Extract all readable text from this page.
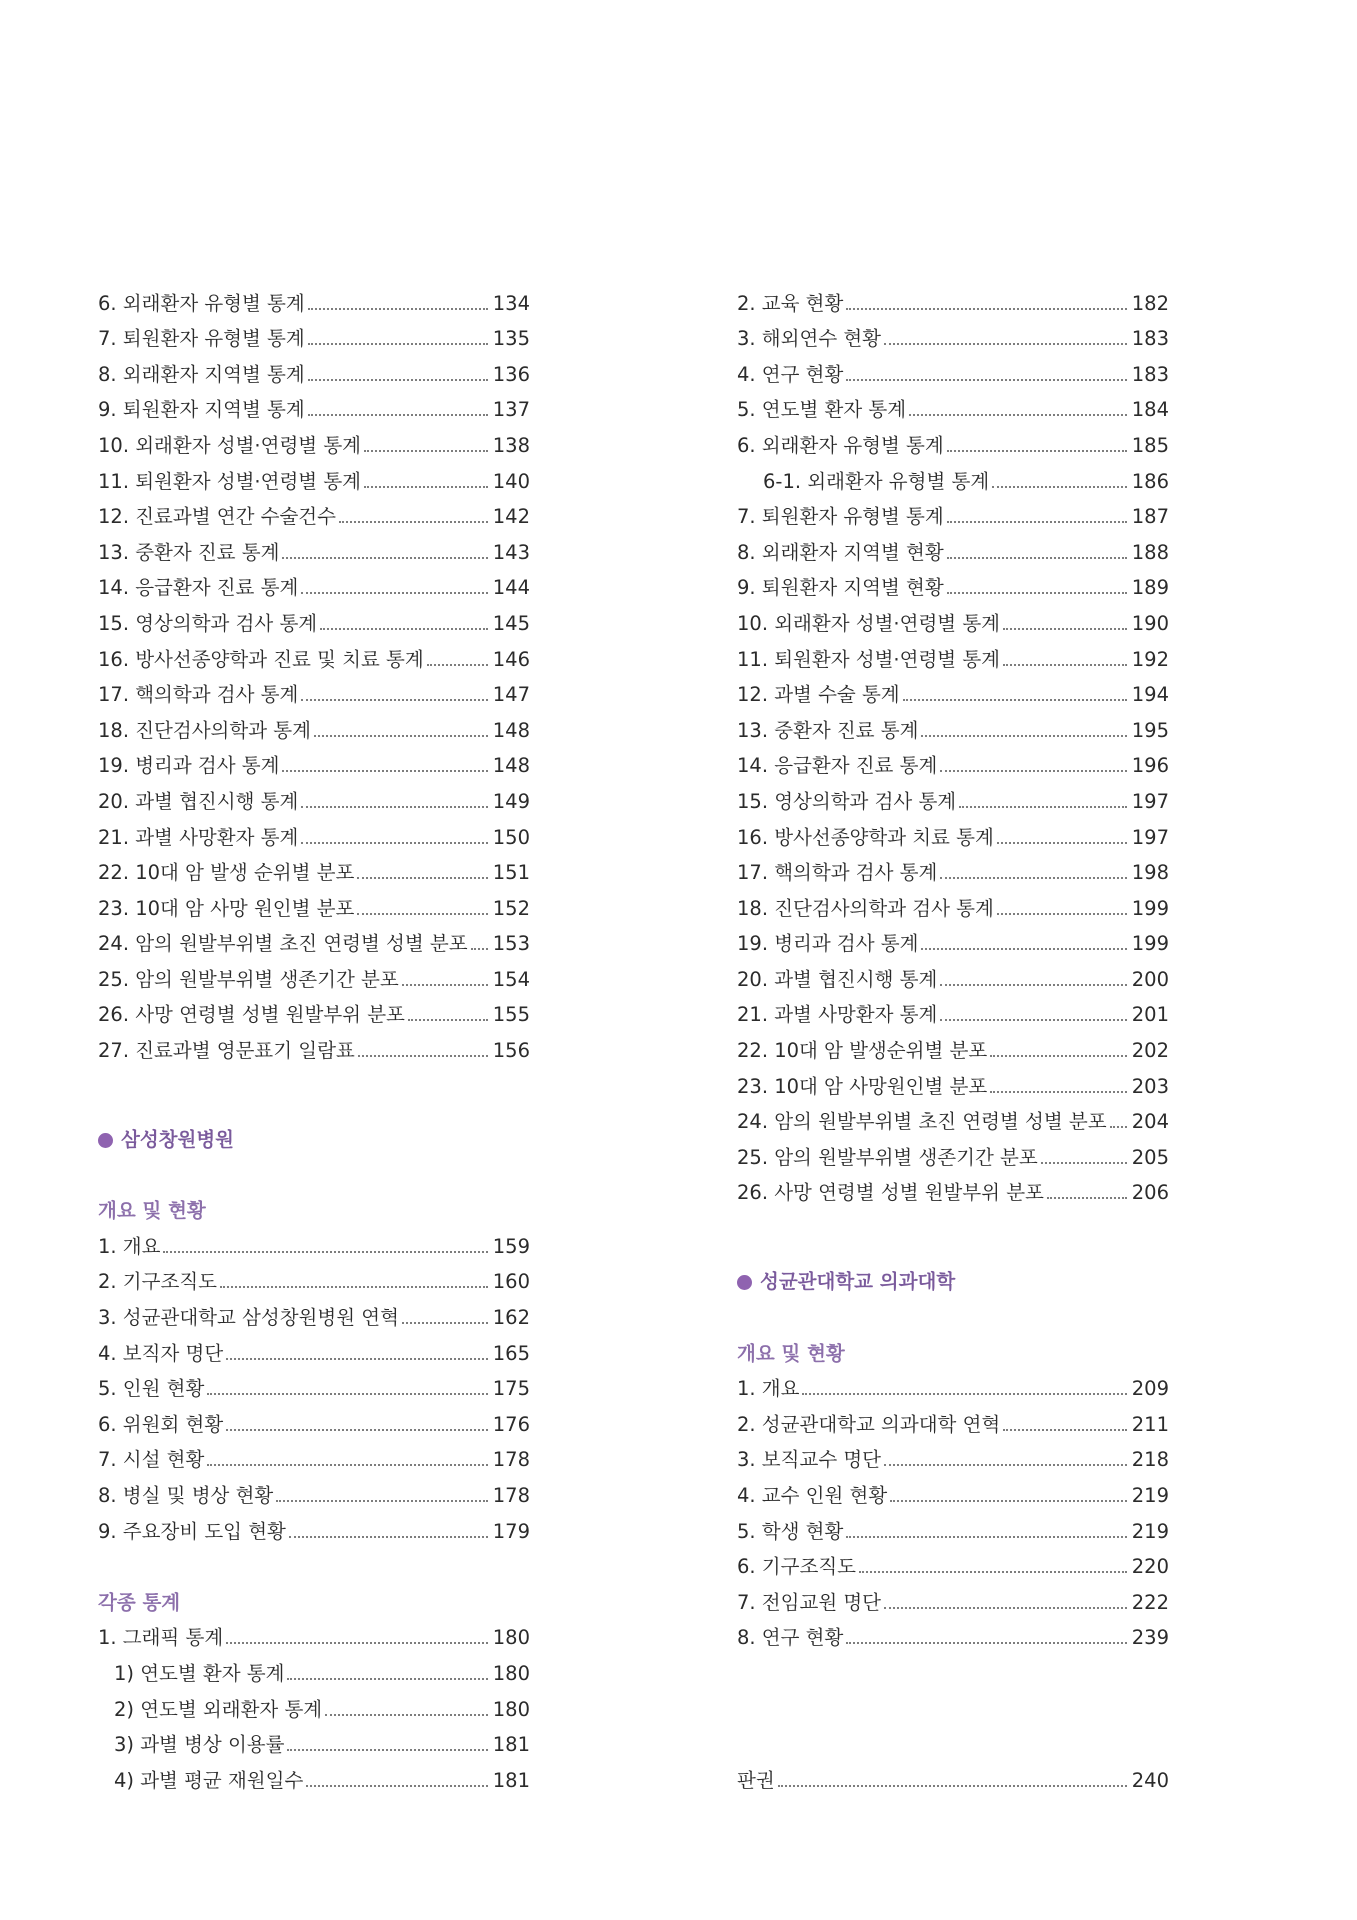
6. 외래환자 유형별 통계	134
7. 퇴원환자 유형별 통계	135
8. 외래환자 지역별 통계	136
9. 퇴원환자 지역별 통계	137
10. 외래환자 성별·연령별 통계	138
11. 퇴원환자 성별·연령별 통계	140
12. 진료과별 연간 수술건수	142
13. 중환자 진료 통계	143
14. 응급환자 진료 통계	144
15. 영상의학과 검사 통계	145
16. 방사선종양학과 진료 및 치료 통계	146
17. 핵의학과 검사 통계	147
18. 진단검사의학과 통계	148
19. 병리과 검사 통계	148
20. 과별 협진시행 통계	149
21. 과별 사망환자 통계	150
22. 10대 암 발생 순위별 분포	151
23. 10대 암 사망 원인별 분포	152
24. 암의 원발부위별 초진 연령별 성별 분포 153
25. 암의 원발부위별 생존기간 분포	154
26. 사망 연령별 성별 원발부위 분포	155
27. 진료과별 영문표기 일람표	156
삼성창원병원
개요 및 현황
1. 개요	159
2. 기구조직도	160
3. 성균관대학교 삼성창원병원 연혁	162
4. 보직자 명단	165
5. 인원 현황	175
6. 위원회 현황	176
7. 시설 현황	178
8. 병실 및 병상 현황	178
9. 주요장비 도입 현황	179
각종 통계
1. 그래픽 통계	180
1) 연도별 환자 통계	180
2) 연도별 외래환자 통계	180
3) 과별 병상 이용률	181
4) 과별 평균 재원일수	181
2. 교육 현황	182
3. 해외연수 현황	183
4. 연구 현황	183
5. 연도별 환자 통계	184
6. 외래환자 유형별 통계	185
6-1. 외래환자 유형별 통계	186
7. 퇴원환자 유형별 통계	187
8. 외래환자 지역별 현황	188
9. 퇴원환자 지역별 현황	189
10. 외래환자 성별·연령별 통계	190
11. 퇴원환자 성별·연령별 통계	192
12. 과별 수술 통계	194
13. 중환자 진료 통계	195
14. 응급환자 진료 통계	196
15. 영상의학과 검사 통계	197
16. 방사선종양학과 치료 통계	197
17. 핵의학과 검사 통계	198
18. 진단검사의학과 검사 통계	199
19. 병리과 검사 통계	199
20. 과별 협진시행 통계	200
21. 과별 사망환자 통계	201
22. 10대 암 발생순위별 분포	202
23. 10대 암 사망원인별 분포	203
24. 암의 원발부위별 초진 연령별 성별 분포 204
25. 암의 원발부위별 생존기간 분포	205
26. 사망 연령별 성별 원발부위 분포	206
성균관대학교 의과대학
개요 및 현황
1. 개요	209
2. 성균관대학교 의과대학 연혁	211
3. 보직교수 명단	218
4. 교수 인원 현황	219
5. 학생 현황	219
6. 기구조직도	220
7. 전임교원 명단	222
8. 연구 현황	239
판권	240
